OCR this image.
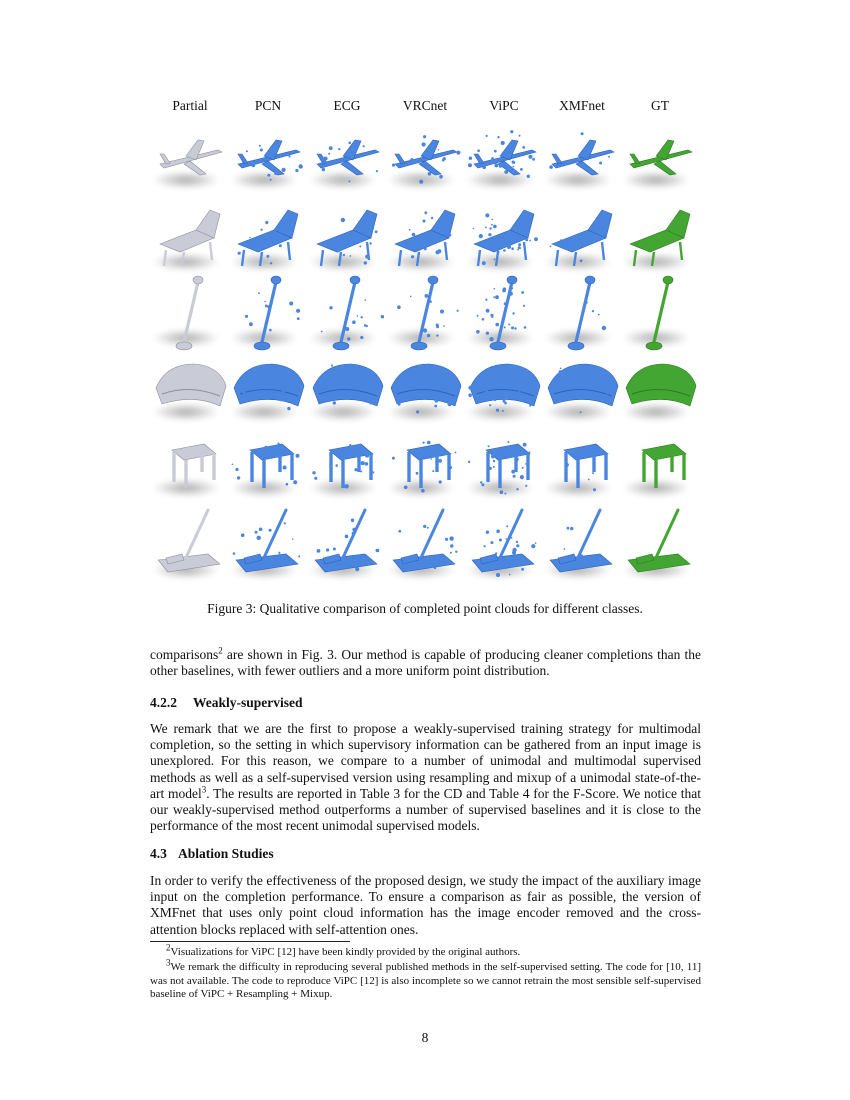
Partial	PCN	ECG	VRCnet	ViPC	XMFnet	GT
Figure 3: Qualitative comparison of completed point clouds for different classes.

comparisons$^2$ are shown in Fig. 3. Our method is capable of producing cleaner completions than the other baselines, with fewer outliers and a more uniform point distribution.

4.2.2 Weakly-supervised

We remark that we are the first to propose a weakly-supervised training strategy for multimodal completion, so the setting in which supervisory information can be gathered from an input image is unexplored. For this reason, we compare to a number of unimodal and multimodal supervised methods as well as a self-supervised version using resampling and mixup of a unimodal state-of-the-art model$^3$. The results are reported in Table 3 for the CD and Table 4 for the F-Score. We notice that our weakly-supervised method outperforms a number of supervised baselines and it is close to the performance of the most recent unimodal supervised models.

4.3 Ablation Studies

In order to verify the effectiveness of the proposed design, we study the impact of the auxiliary image input on the completion performance. To ensure a comparison as fair as possible, the version of XMFnet that uses only point cloud information has the image encoder removed and the cross-attention blocks replaced with self-attention ones.

$^2$Visualizations for ViPC [12] have been kindly provided by the original authors.

$^3$We remark the difficulty in reproducing several published methods in the self-supervised setting. The code for [10, 11] was not available. The code to reproduce ViPC [12] is also incomplete so we cannot retrain the most sensible self-supervised baseline of ViPC + Resampling + Mixup.

8
